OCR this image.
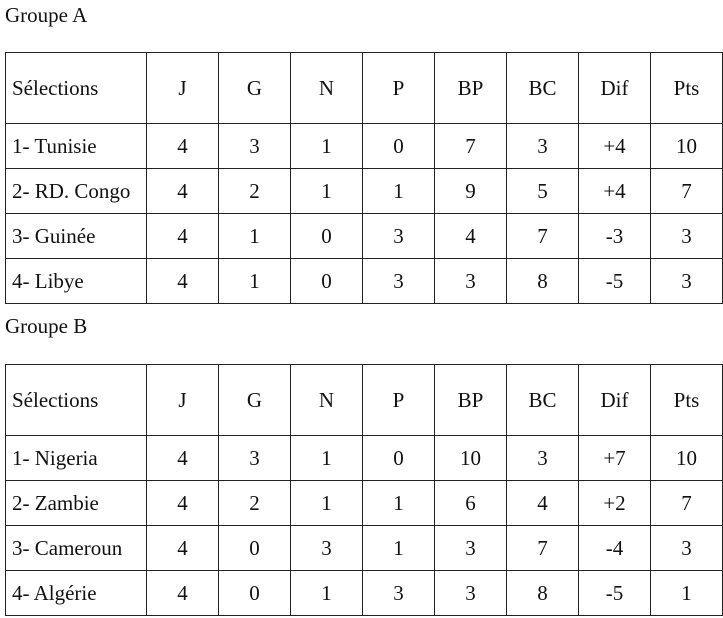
Groupe A
Sélections	J	G	N	P	BP	BC	Dif	Pts
1- Tunisie	4	3	1	0	7	3	+4	10
2- RD. Congo	4	2	1	1	9	5	+4	7
3- Guinée	4	1	0	3	4	7	-3	3
4- Libye	4	1	0	3	3	8	-5	3
Groupe B
Sélections	J	G	N	P	BP	BC	Dif	Pts
1- Nigeria	4	3	1	0	10	3	+7	10
2- Zambie	4	2	1	1	6	4	+2	7
3- Cameroun	4	0	3	1	3	7	-4	3
4- Algérie	4	0	1	3	3	8	-5	1
